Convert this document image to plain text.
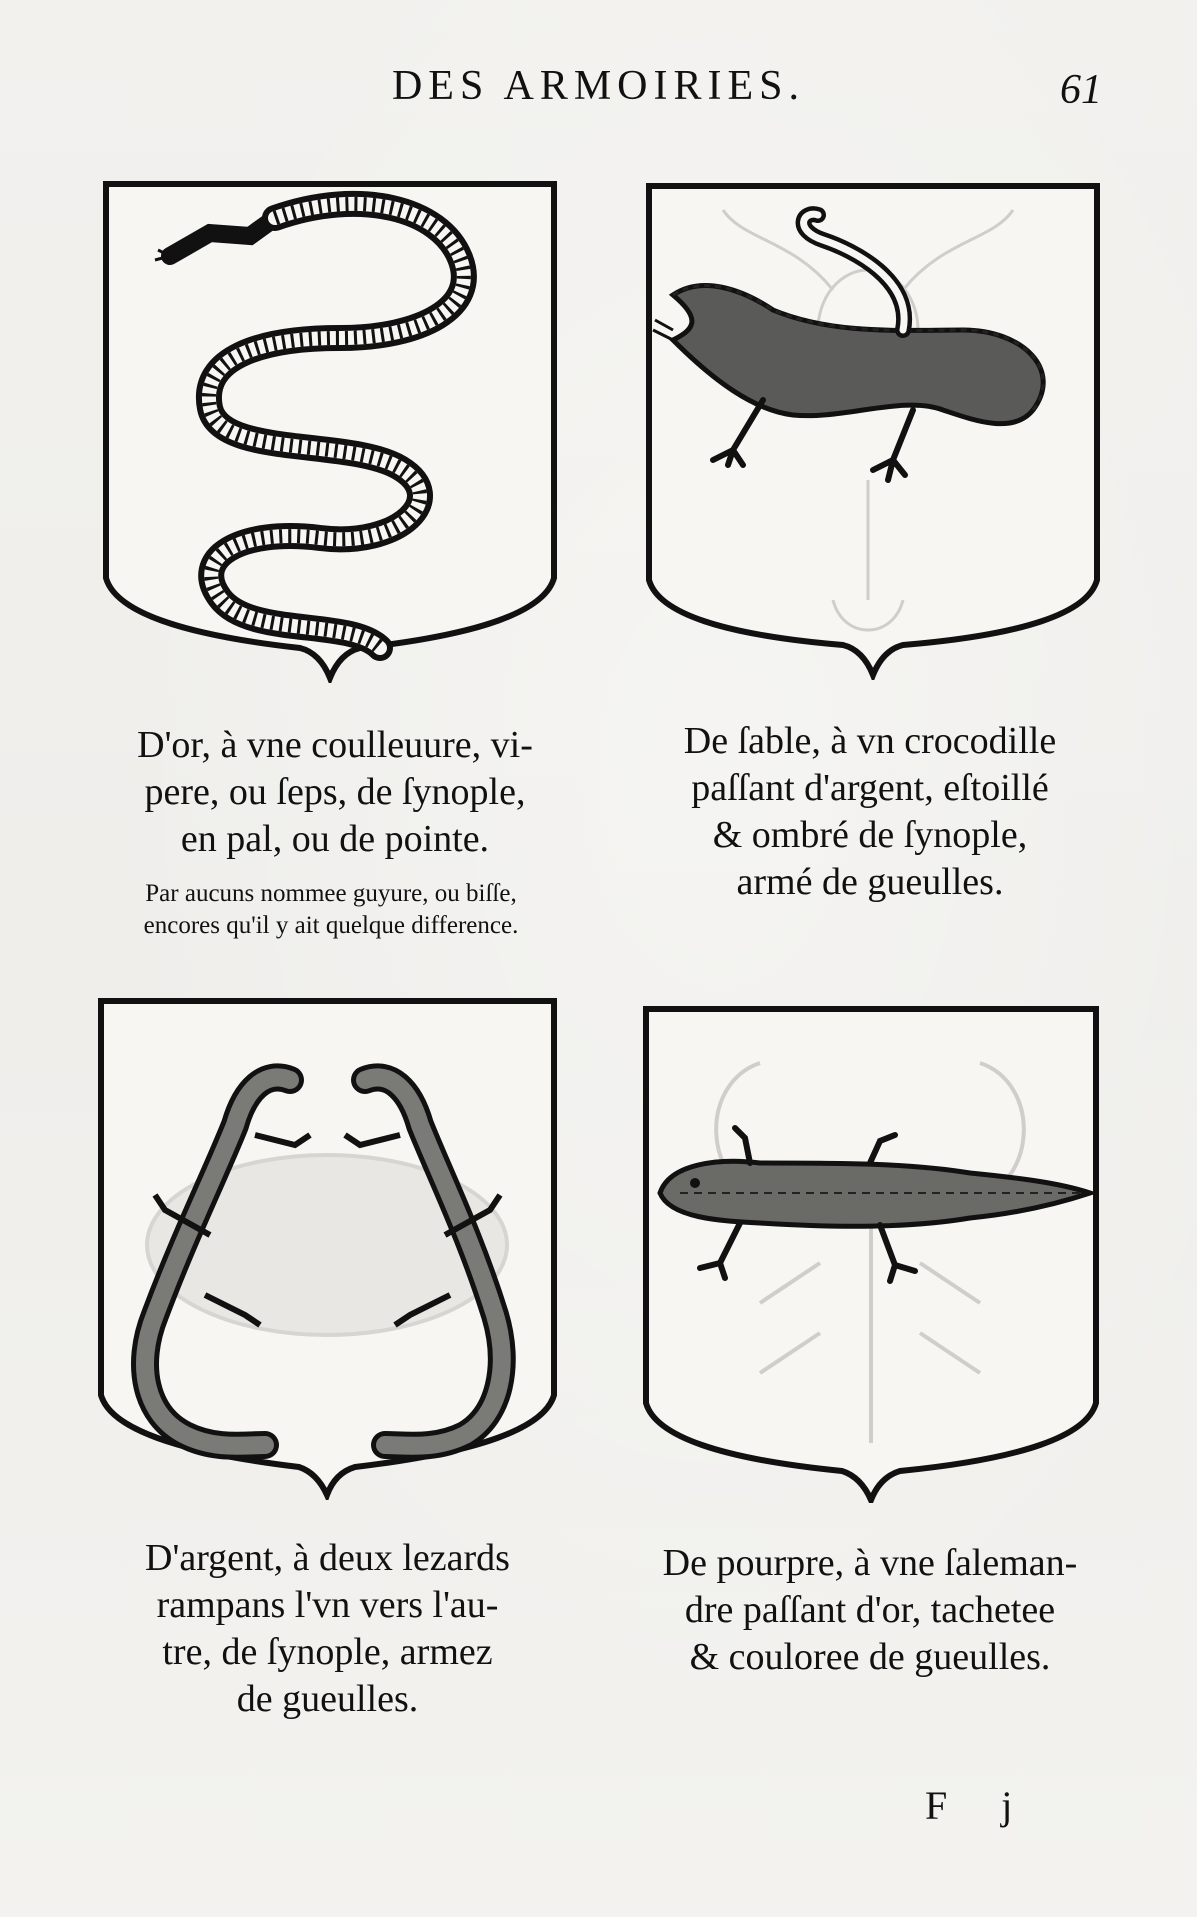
DES ARMOIRIES.	61
D'or, à vne coulleuure, vi-
pere, ou ſeps, de ſynople,
en pal, ou de pointe.
Par aucuns nommee guyure, ou biſſe,
encores qu'il y ait quelque difference.
De ſable, à vn crocodille
paſſant d'argent, eſtoillé
& ombré de ſynople,
armé de gueulles.
D'argent, à deux lezards
rampans l'vn vers l'au-
tre, de ſynople, armez
de gueulles.
De pourpre, à vne ſaleman-
dre paſſant d'or, tachetee
& coulоree de gueulles.
F j
